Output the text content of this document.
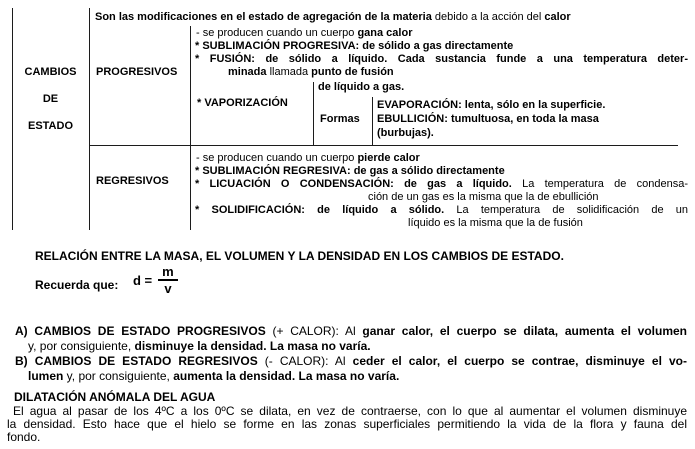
CAMBIOS
DE
ESTADO
Son las modificaciones en el estado de agregación de la materia debido a la acción del calor
PROGRESIVOS
- se producen cuando un cuerpo gana calor
* SUBLIMACIÓN PROGRESIVA: de sólido a gas directamente
* FUSIÓN: de sólido a líquido. Cada sustancia funde a una temperatura deter-
minada llamada punto de fusión
* VAPORIZACIÓN
de líquido a gas.
Formas
EVAPORACIÓN: lenta, sólo en la superficie.
EBULLICIÓN: tumultuosa, en toda la masa
(burbujas).
REGRESIVOS
- se producen cuando un cuerpo pierde calor
* SUBLIMACIÓN REGRESIVA: de gas a sólido directamente
* LICUACIÓN O CONDENSACIÓN: de gas a líquido. La temperatura de condensa-
ción de un gas es la misma que la de ebullición
* SOLIDIFICACIÓN: de líquido a sólido. La temperatura de solidificación de un
líquido es la misma que la de fusión
RELACIÓN ENTRE LA MASA, EL VOLUMEN Y LA DENSIDAD EN LOS CAMBIOS DE ESTADO.
Recuerda que: $d = \frac{m}{v}$
A) CAMBIOS DE ESTADO PROGRESIVOS (+ CALOR): Al ganar calor, el cuerpo se dilata, aumenta el volumen
y, por consiguiente, disminuye la densidad. La masa no varía.
B) CAMBIOS DE ESTADO REGRESIVOS (- CALOR): Al ceder el calor, el cuerpo se contrae, disminuye el vo-
lumen y, por consiguiente, aumenta la densidad. La masa no varía.
DILATACIÓN ANÓMALA DEL AGUA
El agua al pasar de los 4ºC a los 0ºC se dilata, en vez de contraerse, con lo que al aumentar el volumen disminuye
la densidad. Esto hace que el hielo se forme en las zonas superficiales permitiendo la vida de la flora y fauna del
fondo.
